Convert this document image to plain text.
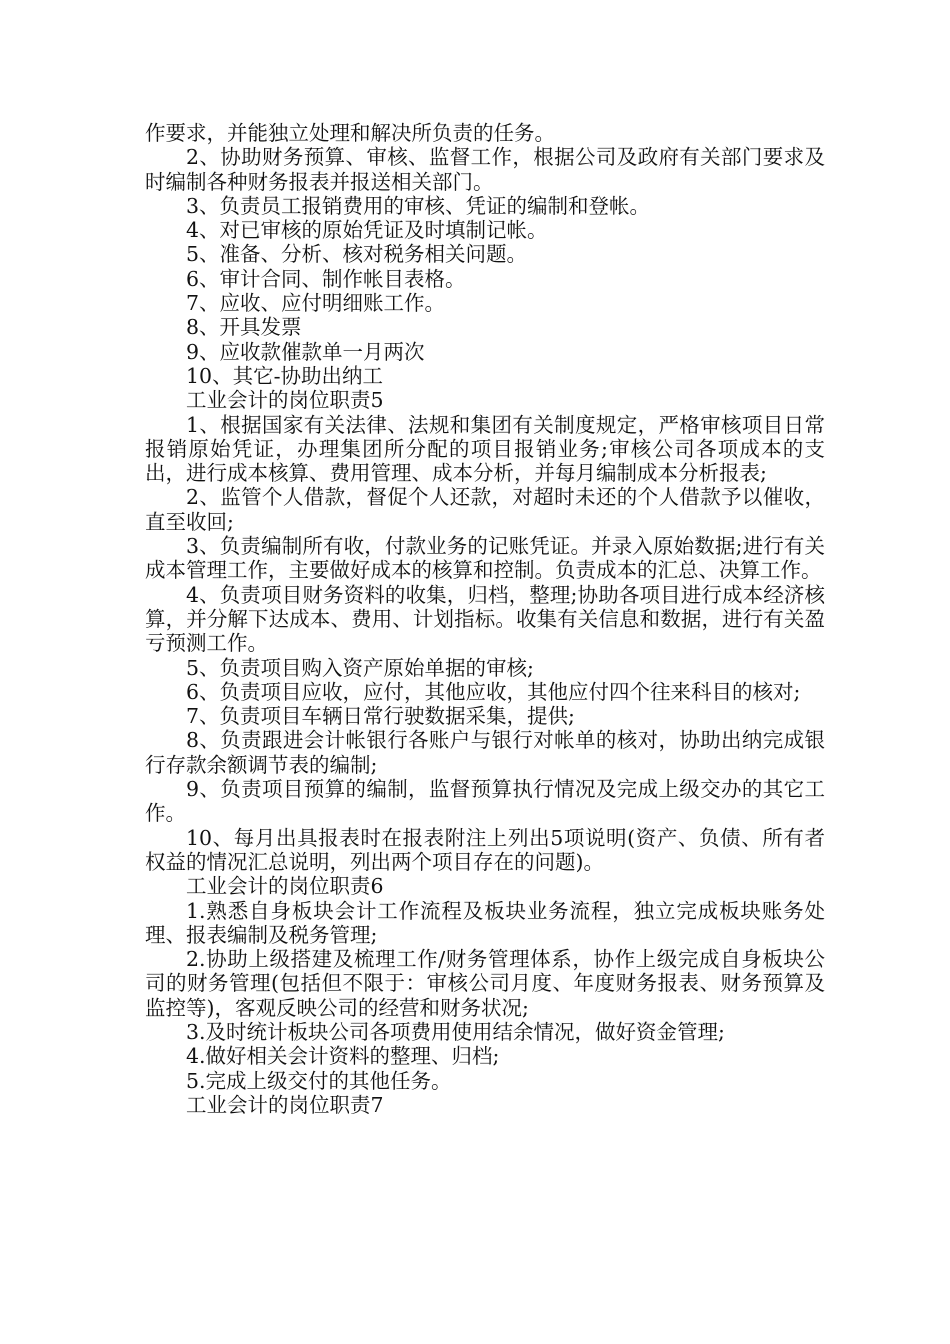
作要求，并能独立处理和解决所负责的任务。

2、协助财务预算、审核、监督工作，根据公司及政府有关部门要求及时编制各种财务报表并报送相关部门。

3、负责员工报销费用的审核、凭证的编制和登帐。

4、对已审核的原始凭证及时填制记帐。

5、准备、分析、核对税务相关问题。

6、审计合同、制作帐目表格。

7、应收、应付明细账工作。

8、开具发票

9、应收款催款单一月两次

10、其它-协助出纳工

工业会计的岗位职责5

1、根据国家有关法律、法规和集团有关制度规定，严格审核项目日常报销原始凭证，办理集团所分配的项目报销业务;审核公司各项成本的支出，进行成本核算、费用管理、成本分析，并每月编制成本分析报表;

2、监管个人借款，督促个人还款，对超时未还的个人借款予以催收，直至收回;

3、负责编制所有收，付款业务的记账凭证。并录入原始数据;进行有关成本管理工作，主要做好成本的核算和控制。负责成本的汇总、决算工作。

4、负责项目财务资料的收集，归档，整理;协助各项目进行成本经济核算，并分解下达成本、费用、计划指标。收集有关信息和数据，进行有关盈亏预测工作。

5、负责项目购入资产原始单据的审核;

6、负责项目应收，应付，其他应收，其他应付四个往来科目的核对;

7、负责项目车辆日常行驶数据采集，提供;

8、负责跟进会计帐银行各账户与银行对帐单的核对，协助出纳完成银行存款余额调节表的编制;

9、负责项目预算的编制，监督预算执行情况及完成上级交办的其它工作。

10、每月出具报表时在报表附注上列出5项说明(资产、负债、所有者权益的情况汇总说明，列出两个项目存在的问题)。

工业会计的岗位职责6

1.熟悉自身板块会计工作流程及板块业务流程，独立完成板块账务处理、报表编制及税务管理;

2.协助上级搭建及梳理工作/财务管理体系，协作上级完成自身板块公司的财务管理(包括但不限于：审核公司月度、年度财务报表、财务预算及监控等)，客观反映公司的经营和财务状况;

3.及时统计板块公司各项费用使用结余情况，做好资金管理;

4.做好相关会计资料的整理、归档;

5.完成上级交付的其他任务。

工业会计的岗位职责7
